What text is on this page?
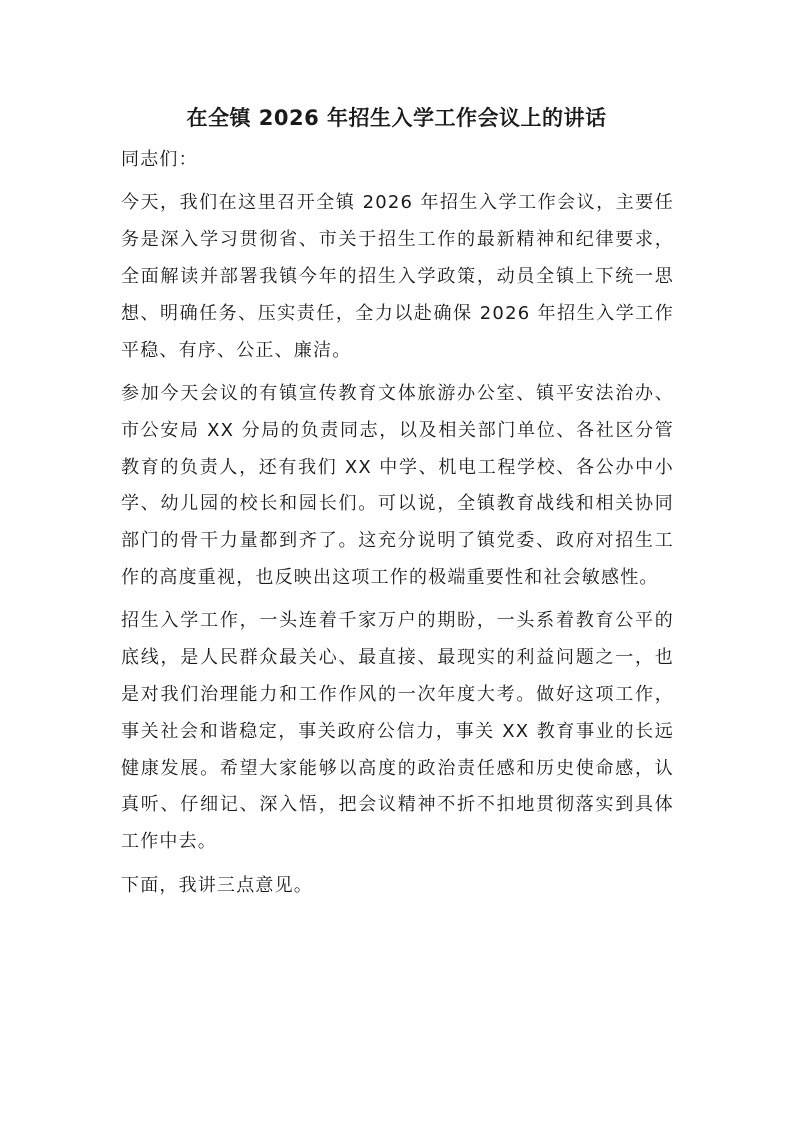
在全镇 2026 年招生入学工作会议上的讲话

同志们：

今天，我们在这里召开全镇 2026 年招生入学工作会议，主要任务是深入学习贯彻省、市关于招生工作的最新精神和纪律要求，全面解读并部署我镇今年的招生入学政策，动员全镇上下统一思想、明确任务、压实责任，全力以赴确保 2026 年招生入学工作平稳、有序、公正、廉洁。

参加今天会议的有镇宣传教育文体旅游办公室、镇平安法治办、市公安局 XX 分局的负责同志，以及相关部门单位、各社区分管教育的负责人，还有我们 XX 中学、机电工程学校、各公办中小学、幼儿园的校长和园长们。可以说，全镇教育战线和相关协同部门的骨干力量都到齐了。这充分说明了镇党委、政府对招生工作的高度重视，也反映出这项工作的极端重要性和社会敏感性。

招生入学工作，一头连着千家万户的期盼，一头系着教育公平的底线，是人民群众最关心、最直接、最现实的利益问题之一，也是对我们治理能力和工作作风的一次年度大考。做好这项工作，事关社会和谐稳定，事关政府公信力，事关 XX 教育事业的长远健康发展。希望大家能够以高度的政治责任感和历史使命感，认真听、仔细记、深入悟，把会议精神不折不扣地贯彻落实到具体工作中去。

下面，我讲三点意见。
